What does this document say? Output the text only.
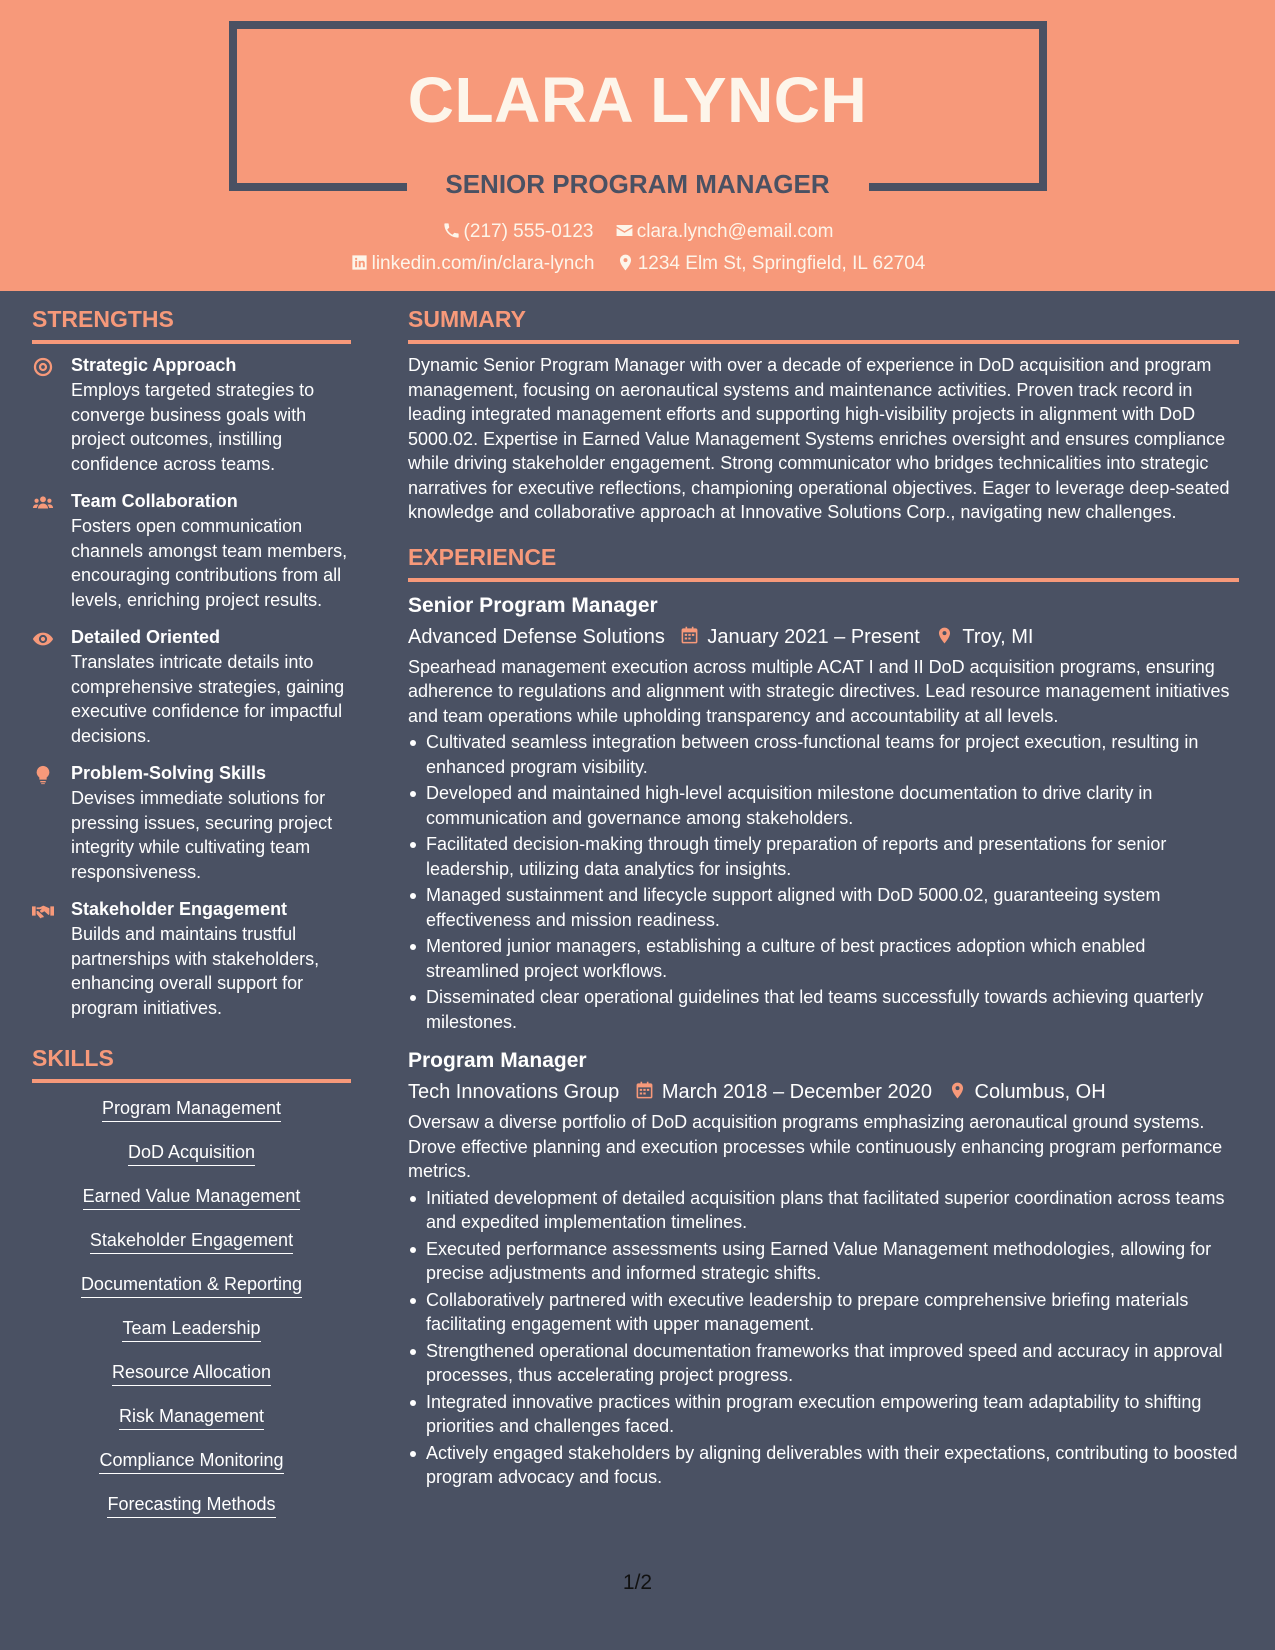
CLARA LYNCH
SENIOR PROGRAM MANAGER
(217) 555-0123 clara.lynch@email.com
linkedin.com/in/clara-lynch 1234 Elm St, Springfield, IL 62704
STRENGTHS
Strategic Approach
Employs targeted strategies to converge business goals with project outcomes, instilling confidence across teams.
Team Collaboration
Fosters open communication channels amongst team members, encouraging contributions from all levels, enriching project results.
Detailed Oriented
Translates intricate details into comprehensive strategies, gaining executive confidence for impactful decisions.
Problem-Solving Skills
Devises immediate solutions for pressing issues, securing project integrity while cultivating team responsiveness.
Stakeholder Engagement
Builds and maintains trustful partnerships with stakeholders, enhancing overall support for program initiatives.
SKILLS
Program Management
DoD Acquisition
Earned Value Management
Stakeholder Engagement
Documentation & Reporting
Team Leadership
Resource Allocation
Risk Management
Compliance Monitoring
Forecasting Methods
SUMMARY
Dynamic Senior Program Manager with over a decade of experience in DoD acquisition and program management, focusing on aeronautical systems and maintenance activities. Proven track record in leading integrated management efforts and supporting high-visibility projects in alignment with DoD 5000.02. Expertise in Earned Value Management Systems enriches oversight and ensures compliance while driving stakeholder engagement. Strong communicator who bridges technicalities into strategic narratives for executive reflections, championing operational objectives. Eager to leverage deep-seated knowledge and collaborative approach at Innovative Solutions Corp., navigating new challenges.
EXPERIENCE
Senior Program Manager
Advanced Defense Solutions January 2021 – Present Troy, MI
Spearhead management execution across multiple ACAT I and II DoD acquisition programs, ensuring adherence to regulations and alignment with strategic directives. Lead resource management initiatives and team operations while upholding transparency and accountability at all levels.
Cultivated seamless integration between cross-functional teams for project execution, resulting in enhanced program visibility.
Developed and maintained high-level acquisition milestone documentation to drive clarity in communication and governance among stakeholders.
Facilitated decision-making through timely preparation of reports and presentations for senior leadership, utilizing data analytics for insights.
Managed sustainment and lifecycle support aligned with DoD 5000.02, guaranteeing system effectiveness and mission readiness.
Mentored junior managers, establishing a culture of best practices adoption which enabled streamlined project workflows.
Disseminated clear operational guidelines that led teams successfully towards achieving quarterly milestones.
Program Manager
Tech Innovations Group March 2018 – December 2020 Columbus, OH
Oversaw a diverse portfolio of DoD acquisition programs emphasizing aeronautical ground systems. Drove effective planning and execution processes while continuously enhancing program performance metrics.
Initiated development of detailed acquisition plans that facilitated superior coordination across teams and expedited implementation timelines.
Executed performance assessments using Earned Value Management methodologies, allowing for precise adjustments and informed strategic shifts.
Collaboratively partnered with executive leadership to prepare comprehensive briefing materials facilitating engagement with upper management.
Strengthened operational documentation frameworks that improved speed and accuracy in approval processes, thus accelerating project progress.
Integrated innovative practices within program execution empowering team adaptability to shifting priorities and challenges faced.
Actively engaged stakeholders by aligning deliverables with their expectations, contributing to boosted program advocacy and focus.
1/2
